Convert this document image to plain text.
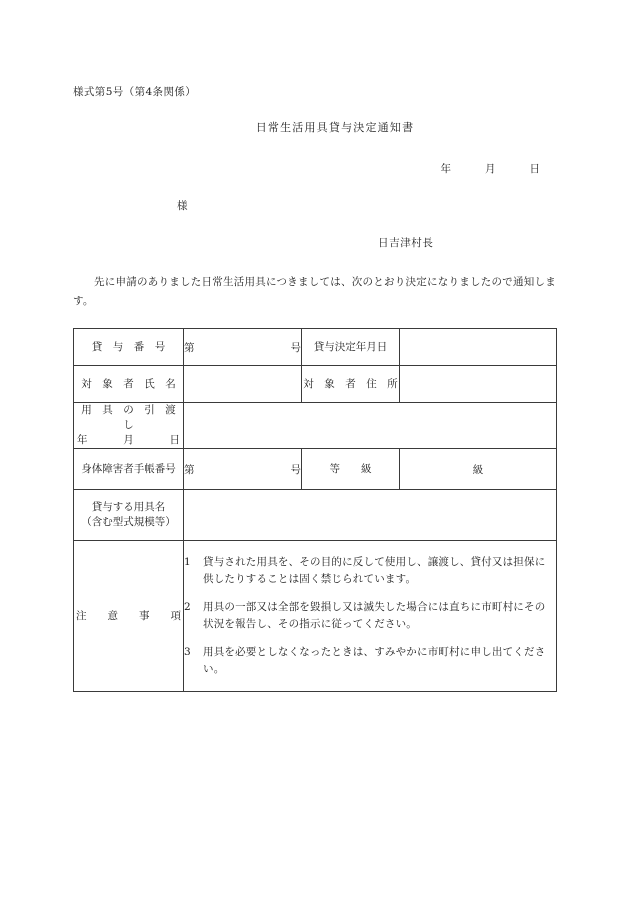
様式第5号（第4条関係）
日常生活用具貸与決定通知書
年	月	日
様
日吉津村長
先に申請のありました日常生活用具につきましては、次のとおり決定になりましたので通知します。
貸　与　番　号	第 号	貸与決定年月日	
対　象　者　氏　名		対　象　者　住　所	

用　具　の　引　渡　し
年 月 日			

身体障害者手帳番号	第 号	等　　級	級

貸与する用具名
（含む型式規模等）			

注　　意　　事　　項	
1	貸与された用具を、その目的に反して使用し、譲渡し、貸付又は担保に供したりすることは固く禁じられています。
2	用具の一部又は全部を毀損し又は滅失した場合には直ちに市町村にその状況を報告し、その指示に従ってください。
3	用具を必要としなくなったときは、すみやかに市町村に申し出てください。
